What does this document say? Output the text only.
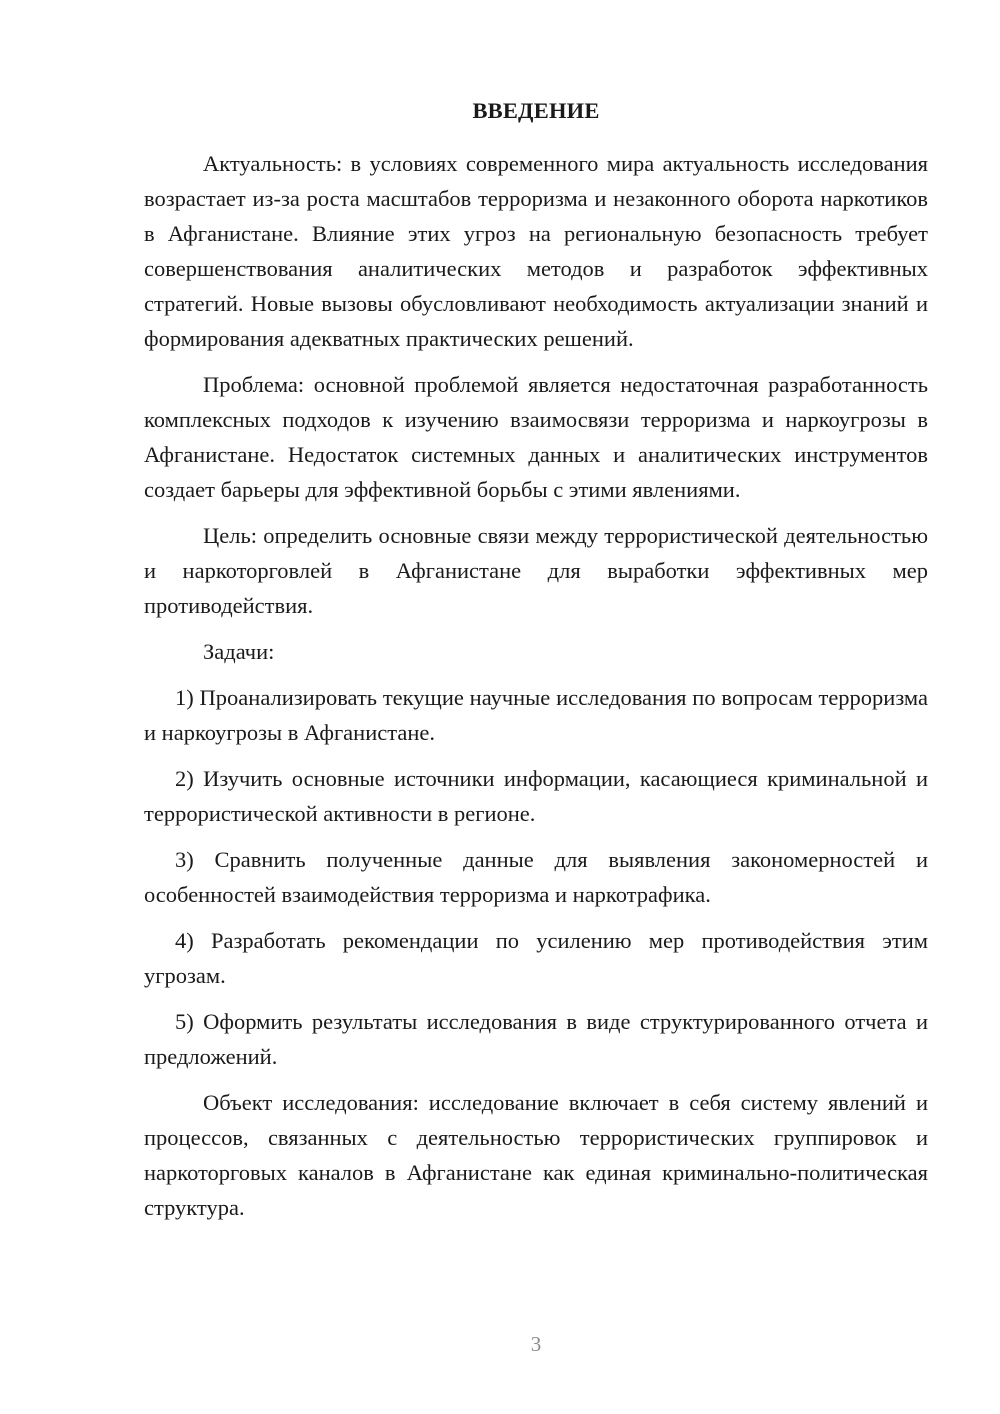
ВВЕДЕНИЕ

Актуальность: в условиях современного мира актуальность исследования возрастает из-за роста масштабов терроризма и незаконного оборота наркотиков в Афганистане. Влияние этих угроз на региональную безопасность требует совершенствования аналитических методов и разработок эффективных стратегий. Новые вызовы обусловливают необходимость актуализации знаний и формирования адекватных практических решений.

Проблема: основной проблемой является недостаточная разработанность комплексных подходов к изучению взаимосвязи терроризма и наркоугрозы в Афганистане. Недостаток системных данных и аналитических инструментов создает барьеры для эффективной борьбы с этими явлениями.

Цель: определить основные связи между террористической деятельностью и наркоторговлей в Афганистане для выработки эффективных мер противодействия.

Задачи:

1) Проанализировать текущие научные исследования по вопросам терроризма и наркоугрозы в Афганистане.

2) Изучить основные источники информации, касающиеся криминальной и террористической активности в регионе.

3) Сравнить полученные данные для выявления закономерностей и особенностей взаимодействия терроризма и наркотрафика.

4) Разработать рекомендации по усилению мер противодействия этим угрозам.

5) Оформить результаты исследования в виде структурированного отчета и предложений.

Объект исследования: исследование включает в себя систему явлений и процессов, связанных с деятельностью террористических группировок и наркоторговых каналов в Афганистане как единая криминально-политическая структура.

3
